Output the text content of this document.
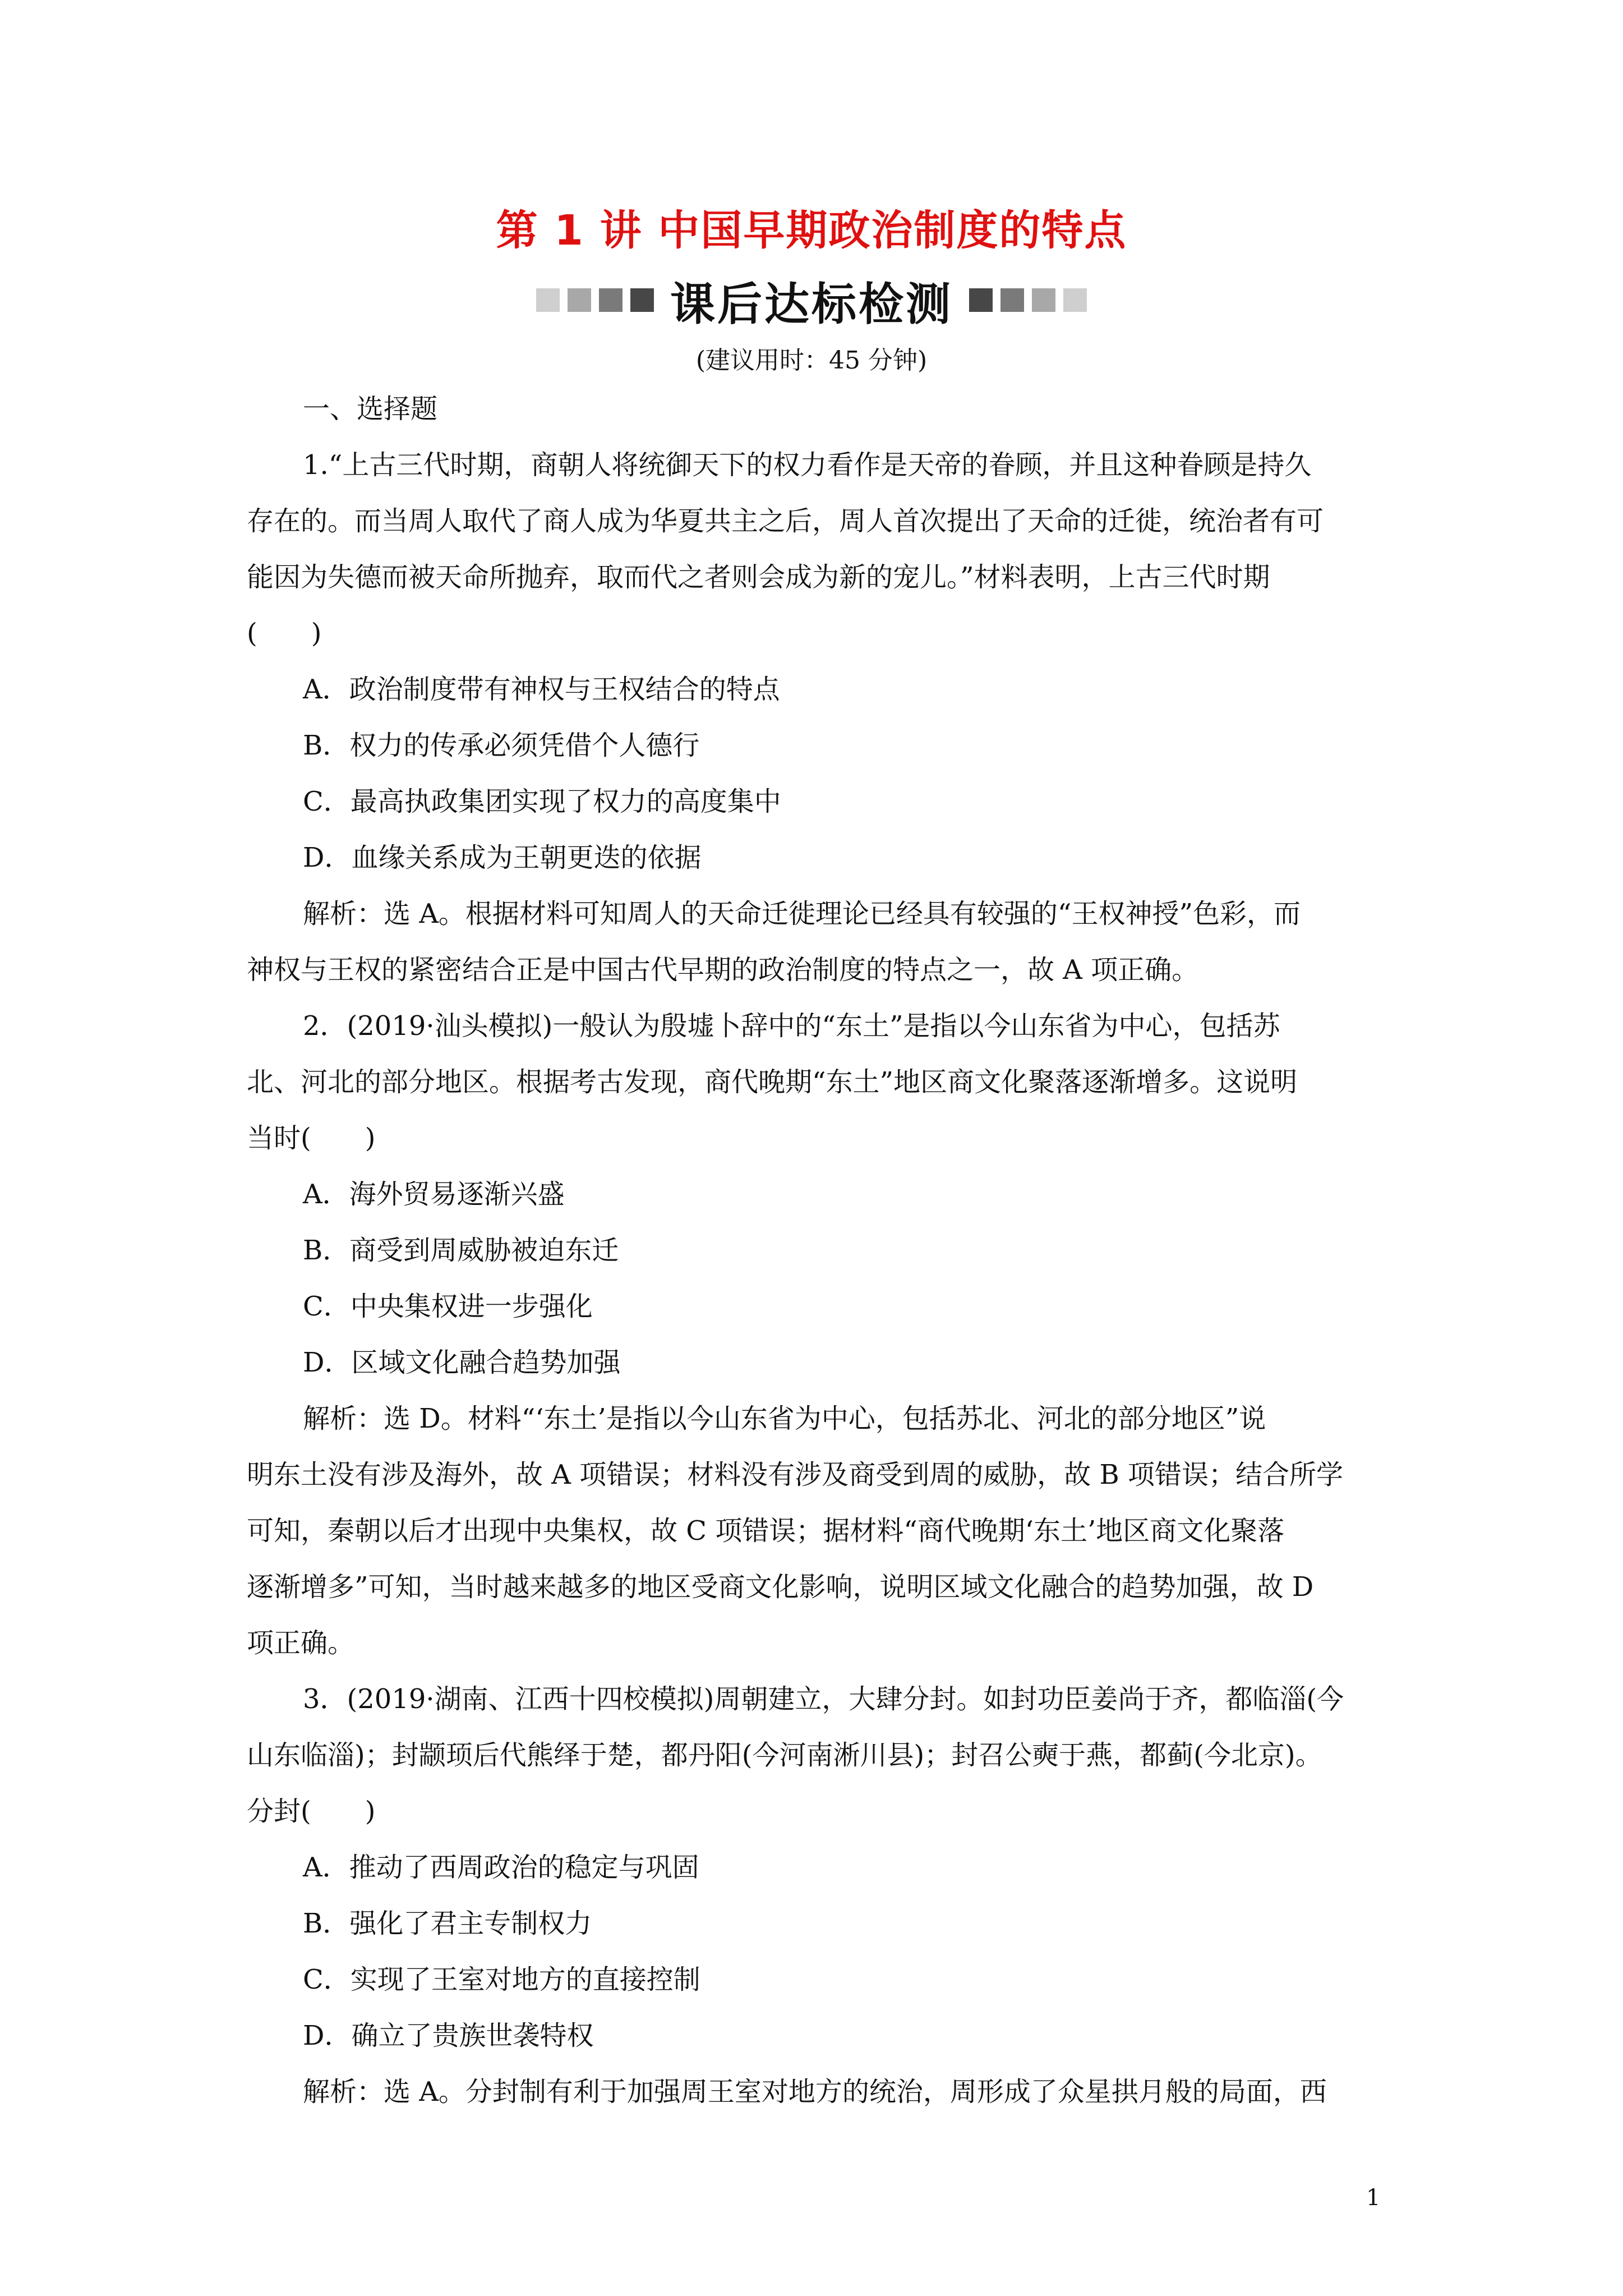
第 1 讲 中国早期政治制度的特点
课后达标检测
(建议用时：45 分钟)
一、选择题
1.“上古三代时期，商朝人将统御天下的权力看作是天帝的眷顾，并且这种眷顾是持久
存在的。而当周人取代了商人成为华夏共主之后，周人首次提出了天命的迁徙，统治者有可
能因为失德而被天命所抛弃，取而代之者则会成为新的宠儿。”材料表明，上古三代时期
(　　)
A．政治制度带有神权与王权结合的特点
B．权力的传承必须凭借个人德行
C．最高执政集团实现了权力的高度集中
D．血缘关系成为王朝更迭的依据
解析：选 A。根据材料可知周人的天命迁徙理论已经具有较强的“王权神授”色彩，而
神权与王权的紧密结合正是中国古代早期的政治制度的特点之一，故 A 项正确。
2．(2019·汕头模拟)一般认为殷墟卜辞中的“东土”是指以今山东省为中心，包括苏
北、河北的部分地区。根据考古发现，商代晚期“东土”地区商文化聚落逐渐增多。这说明
当时(　　)
A．海外贸易逐渐兴盛
B．商受到周威胁被迫东迁
C．中央集权进一步强化
D．区域文化融合趋势加强
解析：选 D。材料“‘东土’是指以今山东省为中心，包括苏北、河北的部分地区”说
明东土没有涉及海外，故 A 项错误；材料没有涉及商受到周的威胁，故 B 项错误；结合所学
可知，秦朝以后才出现中央集权，故 C 项错误；据材料“商代晚期‘东土’地区商文化聚落
逐渐增多”可知，当时越来越多的地区受商文化影响，说明区域文化融合的趋势加强，故 D
项正确。
3．(2019·湖南、江西十四校模拟)周朝建立，大肆分封。如封功臣姜尚于齐，都临淄(今
山东临淄)；封颛顼后代熊绎于楚，都丹阳(今河南淅川县)；封召公奭于燕，都蓟(今北京)。
分封(　　)
A．推动了西周政治的稳定与巩固
B．强化了君主专制权力
C．实现了王室对地方的直接控制
D．确立了贵族世袭特权
解析：选 A。分封制有利于加强周王室对地方的统治，周形成了众星拱月般的局面，西
1
